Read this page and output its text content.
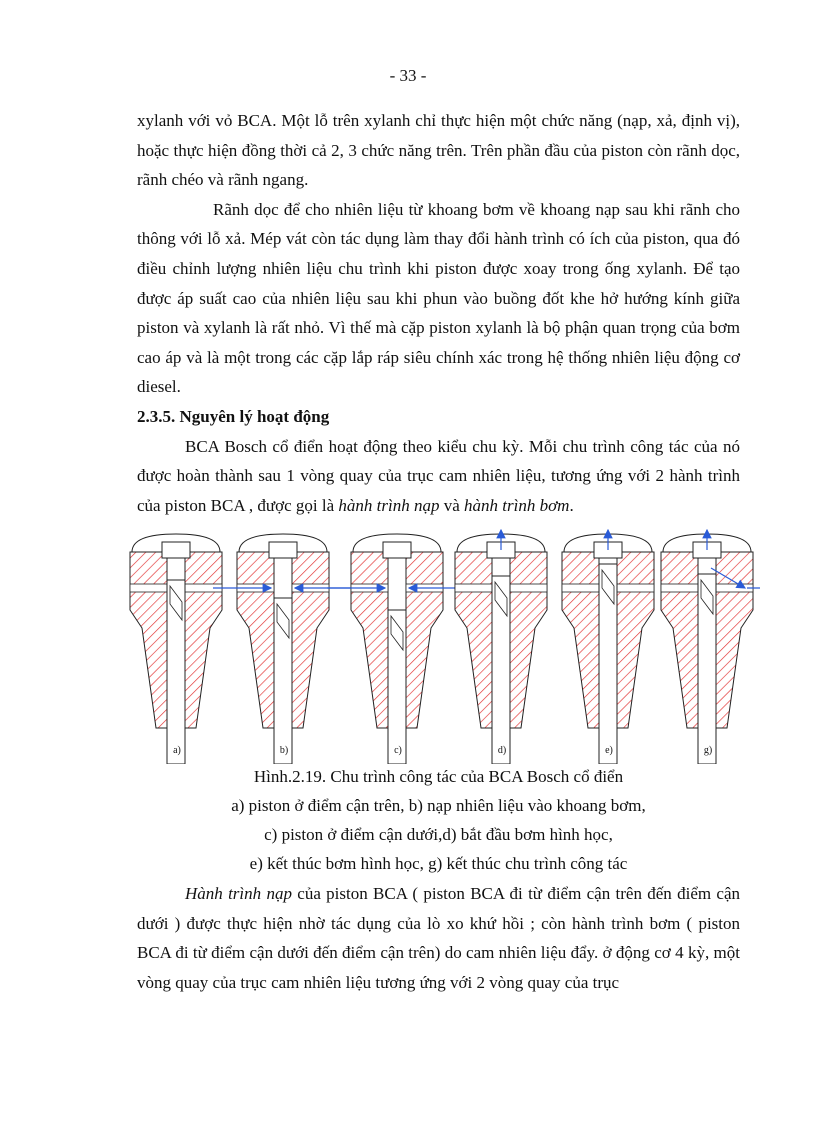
- 33 -

xylanh với vỏ BCA. Một lỗ trên xylanh chỉ thực hiện một chức năng (nạp, xả, định vị), hoặc thực hiện đồng thời cả 2, 3 chức năng trên. Trên phần đầu của piston còn rãnh dọc, rãnh chéo và rãnh ngang.

Rãnh dọc để cho nhiên liệu từ khoang bơm về khoang nạp sau khi rãnh cho thông với lỗ xả. Mép vát còn tác dụng làm thay đổi hành trình có ích của piston, qua đó điều chỉnh lượng nhiên liệu chu trình khi piston được xoay trong ống xylanh. Để tạo được áp suất cao của nhiên liệu sau khi phun vào buồng đốt khe hở hướng kính giữa piston và xylanh là rất nhỏ. Vì thế mà cặp piston xylanh là bộ phận quan trọng của bơm cao áp và là một trong các cặp lắp ráp siêu chính xác trong hệ thống nhiên liệu động cơ diesel.

2.3.5. Nguyên lý hoạt động

BCA Bosch cổ điển hoạt động theo kiểu chu kỳ. Mỗi chu trình công tác của nó được hoàn thành sau 1 vòng quay của trục cam nhiên liệu, tương ứng với 2 hành trình của piston BCA , được gọi là hành trình nạp và hành trình bơm.

a)	b)	c)	d)	e)	g)

Hình.2.19. Chu trình công tác của BCA Bosch cổ điển

a) piston ở điểm cận trên, b) nạp nhiên liệu vào khoang bơm,

c) piston ở điểm cận dưới,d) bắt đầu bơm hình học,

e) kết thúc bơm hình học, g) kết thúc chu trình công tác

Hành trình nạp của piston BCA ( piston BCA đi từ điểm cận trên đến điểm cận dưới ) được thực hiện nhờ tác dụng của lò xo khứ hồi ; còn hành trình bơm ( piston BCA đi từ điểm cận dưới đến điểm cận trên) do cam nhiên liệu đẩy. ở động cơ 4 kỳ, một vòng quay của trục cam nhiên liệu tương ứng với 2 vòng quay của trục
